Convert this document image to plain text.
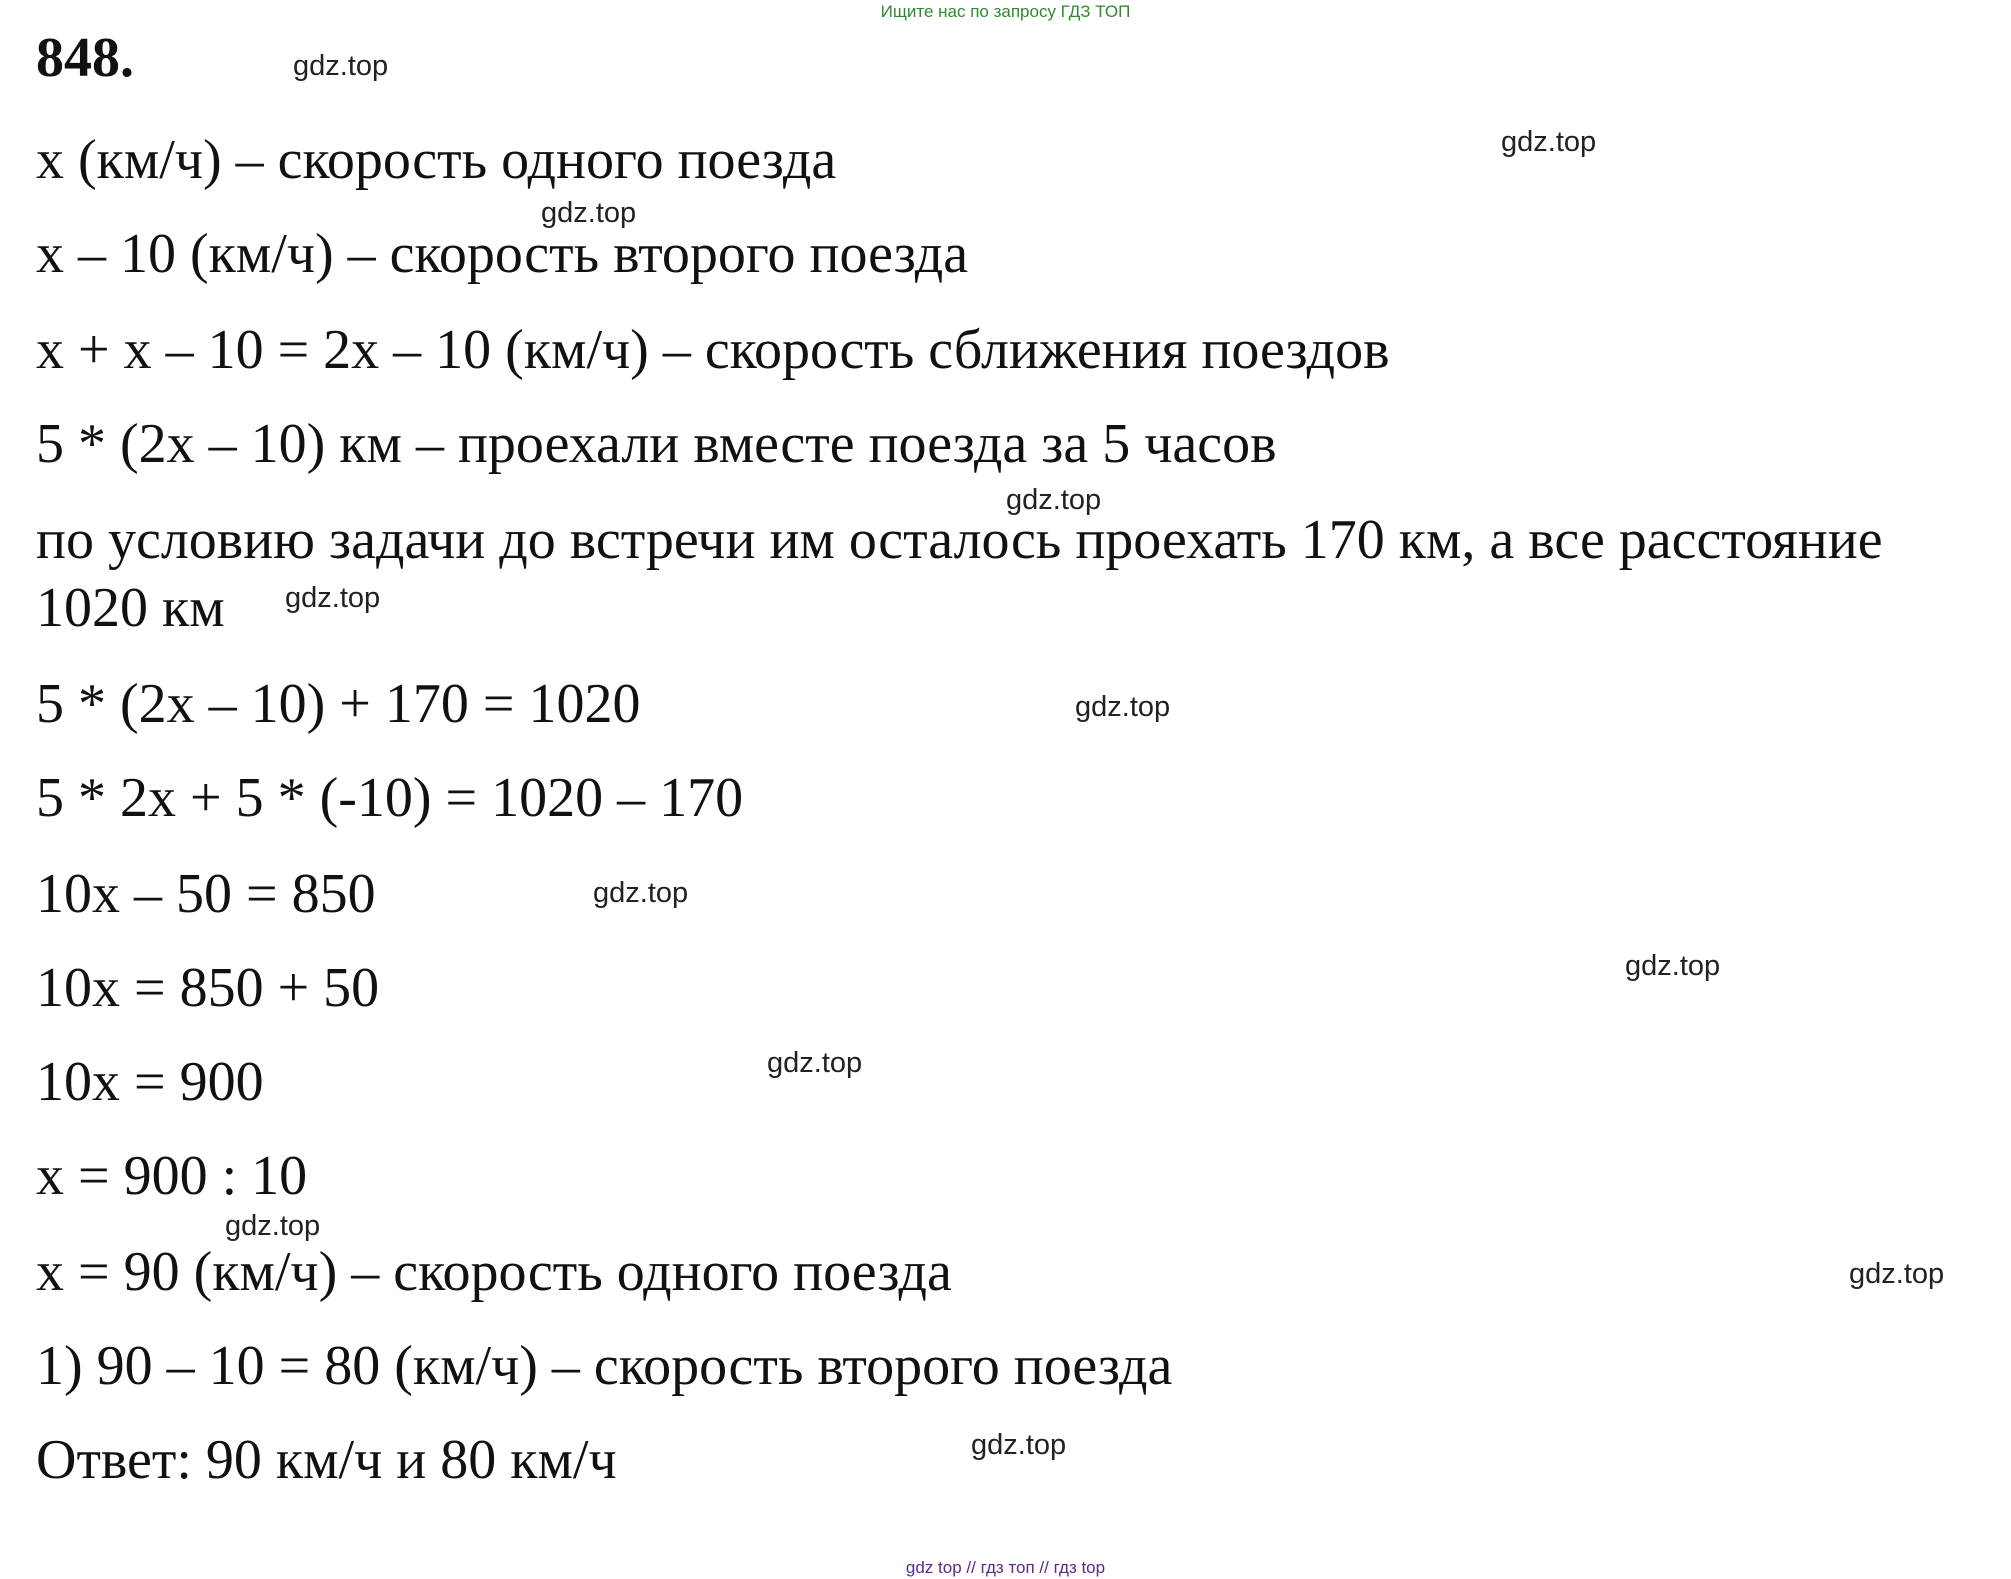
Ищите нас по запросу ГДЗ ТОП
848.	gdz.top
gdz.top
gdz.top
gdz.top
gdz.top
gdz.top
gdz.top
gdz.top
gdz.top
gdz.top
gdz.top
gdz.top
x (км/ч) – скорость одного поезда
x – 10 (км/ч) – скорость второго поезда
x + x – 10 = 2x – 10 (км/ч) – скорость сближения поездов
5 * (2x – 10) км – проехали вместе поезда за 5 часов
по условию задачи до встречи им осталось проехать 170 км, а все расстояние
1020 км
5 * (2x – 10) + 170 = 1020
5 * 2x + 5 * (-10) = 1020 – 170
10x – 50 = 850
10x = 850 + 50
10x = 900
x = 900 : 10
x = 90 (км/ч) – скорость одного поезда
1) 90 – 10 = 80 (км/ч) – скорость второго поезда
Ответ: 90 км/ч и 80 км/ч
gdz top // гдз топ // гдз top
